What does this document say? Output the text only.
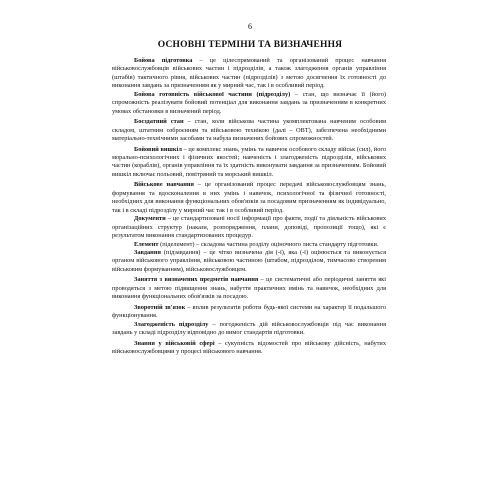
6
ОСНОВНІ ТЕРМІНИ ТА ВИЗНАЧЕННЯ

Бойова підготовка – це цілеспрямований та організований процес навчання військовослужбовців військових частин і підрозділів, а також злагодження органів управління (штабів) тактичного рівня, військових частин (підрозділів) з метою досягнення їх готовності до виконання завдань за призначенням як у мирний час, так і в особливий період.

Бойова готовність військової частини (підрозділу) – стан, що визначає її (його) спроможність реалізувати бойовий потенціал для виконання завдань за призначенням в конкретних умовах обстановки в визначений період.

Боєздатний стан – стан, коли військова частина укомплектована навченим особовим складом, штатним озброєнням та військовою технікою (далі – ОВТ), забезпечена необхідними матеріально-технічними засобами та набула визначених бойових спроможностей.

Бойовий вишкіл – це комплекс знань, умінь та навичок особового складу військ (сил), його морально-психологічних і фізичних якостей; навченість і злагодженість підрозділів, військових частин (кораблів), органів управління та їх здатність виконувати завдання за призначенням. Бойовий вишкіл включає польовий, повітряний та морський вишкіл.

Військове навчання – це організований процес передачі військовослужбовцям знань, формування та вдосконалення в них умінь і навичок, психологічної та фізичної готовності, необхідних для виконання функціональних обов'язків за посадовим призначенням як індивідуально, так і в складі підрозділу у мирний час так і в особливий період.

Документи – це стандартизовані носії інформації про факти, події та діяльність військових організаційних структур (накази, розпорядження, плани, доповіді, пропозиції тощо), які є результатом виконання стандартизованих процедур.

Елемент (піделемент) – складова частина розділу оціночного листа стандарту підготовки.

Завдання (підзавдання) – це чітко визначена дія (-ї), яка (-ї) оцінюється та виконується органом військового управління, військовою частиною (штабом, підрозділом, тимчасово створеним військовим формуванням), військовослужбовцем.

Заняття з визначених предметів навчання – це систематичні або періодичні заняття які проводяться з метою підвищення знань, набуття практичних вмінь та навичок, необхідних для виконання функціональних обов'язків за посадою.

Зворотній зв'язок – вплив результатів роботи будь-якої системи на характер її подальшого функціонування.

Злагодженість підрозділу – погодженість дій військовослужбовців під час виконання завдань у складі підрозділу відповідно до вимог стандартів підготовки.

Знання у військовій сфері – сукупність відомостей про військову дійсність, набутих військовослужбовцями у процесі військового навчання.
